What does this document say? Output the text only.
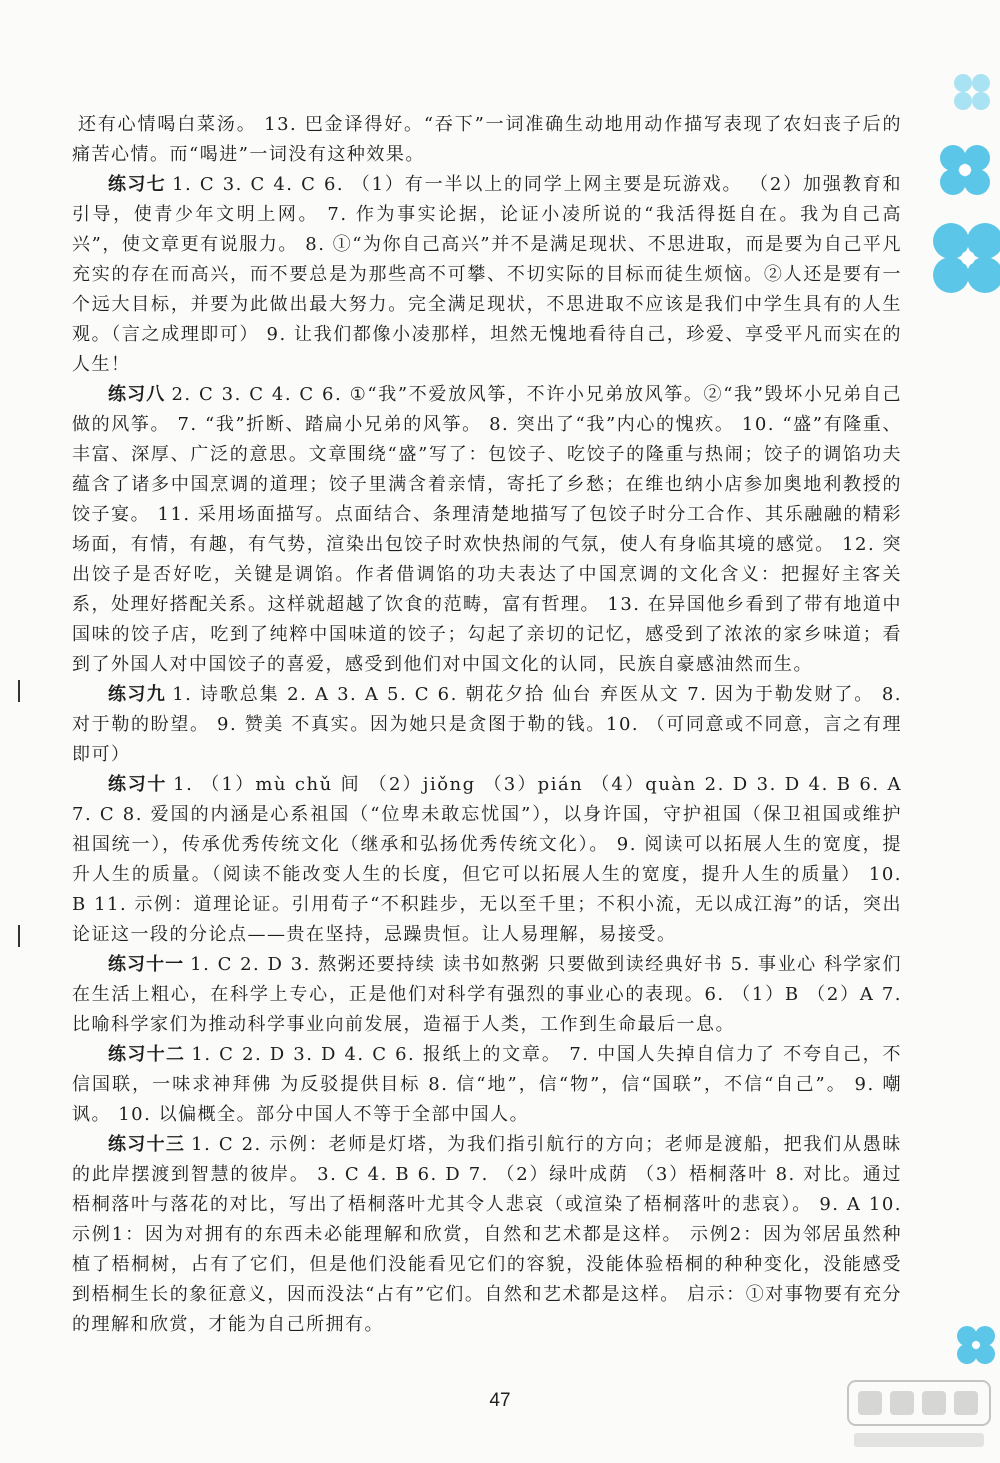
还有心情喝白菜汤。 13. 巴金译得好。“吞下”一词准确生动地用动作描写表现了农妇丧子后的痛苦心情。而“喝进”一词没有这种效果。

练习七 1. C 3. C 4. C 6. （1）有一半以上的同学上网主要是玩游戏。 （2）加强教育和引导，使青少年文明上网。 7. 作为事实论据，论证小凌所说的“我活得挺自在。我为自己高兴”，使文章更有说服力。 8. ①“为你自己高兴”并不是满足现状、不思进取，而是要为自己平凡充实的存在而高兴，而不要总是为那些高不可攀、不切实际的目标而徒生烦恼。②人还是要有一个远大目标，并要为此做出最大努力。完全满足现状，不思进取不应该是我们中学生具有的人生观。（言之成理即可） 9. 让我们都像小凌那样，坦然无愧地看待自己，珍爱、享受平凡而实在的人生！

练习八 2. C 3. C 4. C 6. ①“我”不爱放风筝，不许小兄弟放风筝。②“我”毁坏小兄弟自己做的风筝。 7. “我”折断、踏扁小兄弟的风筝。 8. 突出了“我”内心的愧疚。 10. “盛”有隆重、丰富、深厚、广泛的意思。文章围绕“盛”写了：包饺子、吃饺子的隆重与热闹；饺子的调馅功夫蕴含了诸多中国烹调的道理；饺子里满含着亲情，寄托了乡愁；在维也纳小店参加奥地利教授的饺子宴。 11. 采用场面描写。点面结合、条理清楚地描写了包饺子时分工合作、其乐融融的精彩场面，有情，有趣，有气势，渲染出包饺子时欢快热闹的气氛，使人有身临其境的感觉。 12. 突出饺子是否好吃，关键是调馅。作者借调馅的功夫表达了中国烹调的文化含义：把握好主客关系，处理好搭配关系。这样就超越了饮食的范畴，富有哲理。 13. 在异国他乡看到了带有地道中国味的饺子店，吃到了纯粹中国味道的饺子；勾起了亲切的记忆，感受到了浓浓的家乡味道；看到了外国人对中国饺子的喜爱，感受到他们对中国文化的认同，民族自豪感油然而生。

练习九 1. 诗歌总集 2. A 3. A 5. C 6. 朝花夕拾 仙台 弃医从文 7. 因为于勒发财了。 8. 对于勒的盼望。 9. 赞美 不真实。因为她只是贪图于勒的钱。10. （可同意或不同意，言之有理即可）

练习十 1. （1）mù chǔ 间 （2）jiǒng （3）pián （4）quàn 2. D 3. D 4. B 6. A 7. C 8. 爱国的内涵是心系祖国（“位卑未敢忘忧国”），以身许国，守护祖国（保卫祖国或维护祖国统一），传承优秀传统文化（继承和弘扬优秀传统文化）。 9. 阅读可以拓展人生的宽度，提升人生的质量。（阅读不能改变人生的长度，但它可以拓展人生的宽度，提升人生的质量） 10. B 11. 示例：道理论证。引用荀子“不积跬步，无以至千里；不积小流，无以成江海”的话，突出论证这一段的分论点——贵在坚持，忌躁贵恒。让人易理解，易接受。

练习十一 1. C 2. D 3. 熬粥还要持续 读书如熬粥 只要做到读经典好书 5. 事业心 科学家们在生活上粗心，在科学上专心，正是他们对科学有强烈的事业心的表现。6. （1）B （2）A 7. 比喻科学家们为推动科学事业向前发展，造福于人类，工作到生命最后一息。

练习十二 1. C 2. D 3. D 4. C 6. 报纸上的文章。 7. 中国人失掉自信力了 不夸自己，不信国联，一味求神拜佛 为反驳提供目标 8. 信“地”，信“物”，信“国联”，不信“自己”。 9. 嘲讽。 10. 以偏概全。部分中国人不等于全部中国人。

练习十三 1. C 2. 示例：老师是灯塔，为我们指引航行的方向；老师是渡船，把我们从愚昧的此岸摆渡到智慧的彼岸。 3. C 4. B 6. D 7. （2）绿叶成荫 （3）梧桐落叶 8. 对比。通过梧桐落叶与落花的对比，写出了梧桐落叶尤其令人悲哀（或渲染了梧桐落叶的悲哀）。 9. A 10. 示例1：因为对拥有的东西未必能理解和欣赏，自然和艺术都是这样。 示例2：因为邻居虽然种植了梧桐树，占有了它们，但是他们没能看见它们的容貌，没能体验梧桐的种种变化，没能感受到梧桐生长的象征意义，因而没法“占有”它们。自然和艺术都是这样。 启示：①对事物要有充分的理解和欣赏，才能为自己所拥有。

47
